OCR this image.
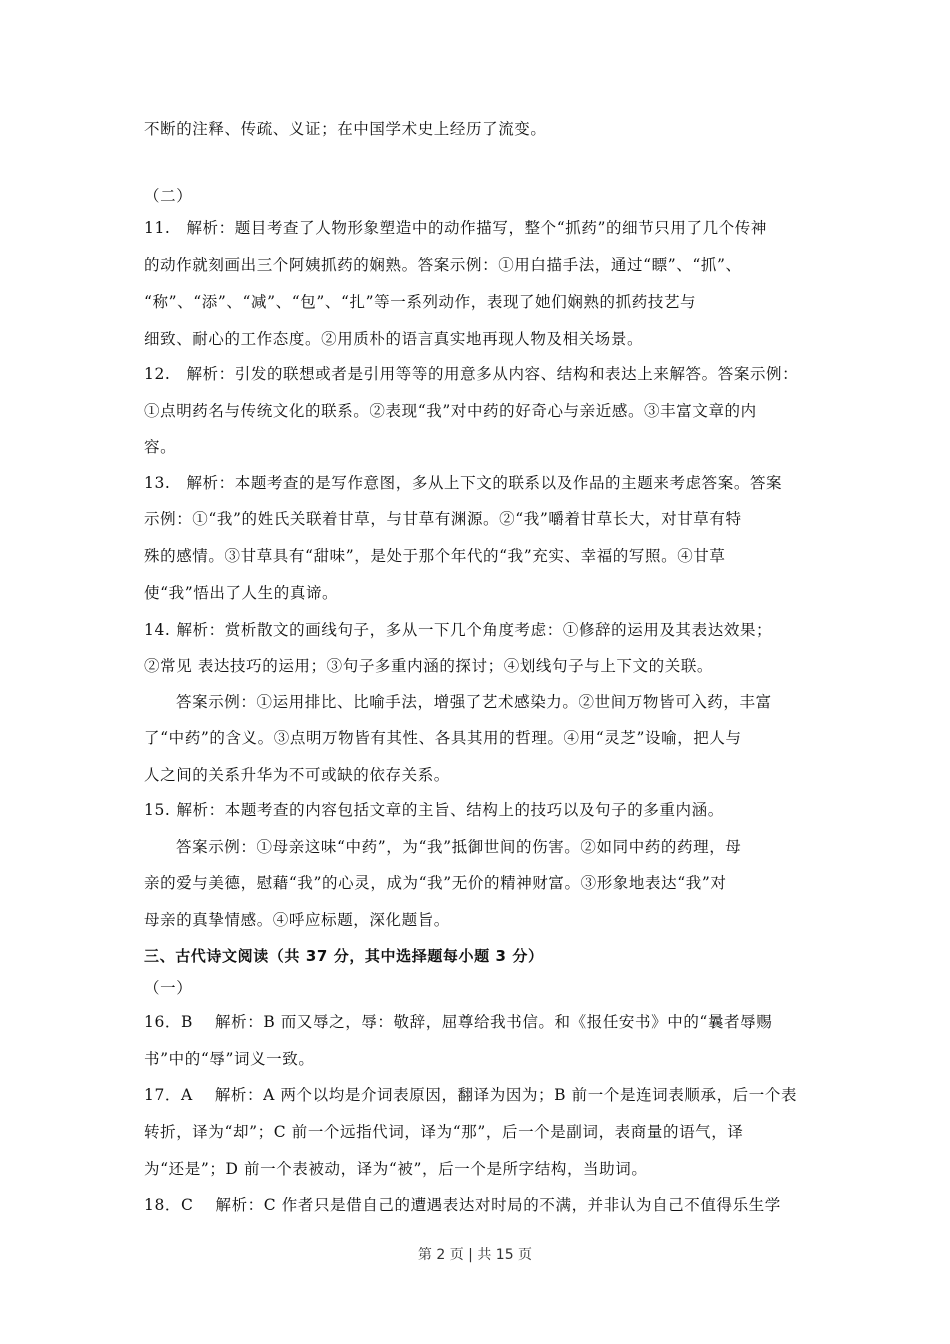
不断的注释、传疏、义证；在中国学术史上经历了流变。
（二）
11. 解析：题目考查了人物形象塑造中的动作描写，整个“抓药”的细节只用了几个传神
的动作就刻画出三个阿姨抓药的娴熟。答案示例：①用白描手法，通过“瞟”、“抓”、
“称”、“添”、“减”、“包”、“扎”等一系列动作，表现了她们娴熟的抓药技艺与
细致、耐心的工作态度。②用质朴的语言真实地再现人物及相关场景。
12. 解析：引发的联想或者是引用等等的用意多从内容、结构和表达上来解答。答案示例：
①点明药名与传统文化的联系。②表现“我”对中药的好奇心与亲近感。③丰富文章的内
容。
13. 解析：本题考查的是写作意图，多从上下文的联系以及作品的主题来考虑答案。答案
示例：①“我”的姓氏关联着甘草，与甘草有渊源。②“我”嚼着甘草长大，对甘草有特
殊的感情。③甘草具有“甜味”，是处于那个年代的“我”充实、幸福的写照。④甘草
使“我”悟出了人生的真谛。
14. 解析：赏析散文的画线句子，多从一下几个角度考虑：①修辞的运用及其表达效果；
②常见 表达技巧的运用；③句子多重内涵的探讨；④划线句子与上下文的关联。
答案示例：①运用排比、比喻手法，增强了艺术感染力。②世间万物皆可入药，丰富
了“中药”的含义。③点明万物皆有其性、各具其用的哲理。④用“灵芝”设喻，把人与
人之间的关系升华为不可或缺的依存关系。
15. 解析：本题考查的内容包括文章的主旨、结构上的技巧以及句子的多重内涵。
答案示例：①母亲这味“中药”，为“我”抵御世间的伤害。②如同中药的药理，母
亲的爱与美德，慰藉“我”的心灵，成为“我”无价的精神财富。③形象地表达“我”对
母亲的真挚情感。④呼应标题，深化题旨。
三、古代诗文阅读（共 37 分，其中选择题每小题 3 分）
（一）
16．B 解析：B 而又辱之，辱：敬辞，屈尊给我书信。和《报任安书》中的“曩者辱赐
书”中的“辱”词义一致。
17．A 解析：A 两个以均是介词表原因，翻译为因为；B 前一个是连词表顺承，后一个表
转折，译为“却”；C 前一个远指代词，译为“那”，后一个是副词，表商量的语气，译
为“还是”；D 前一个表被动，译为“被”，后一个是所字结构，当助词。
18．C 解析：C 作者只是借自己的遭遇表达对时局的不满，并非认为自己不值得乐生学
第 2 页 | 共 15 页
